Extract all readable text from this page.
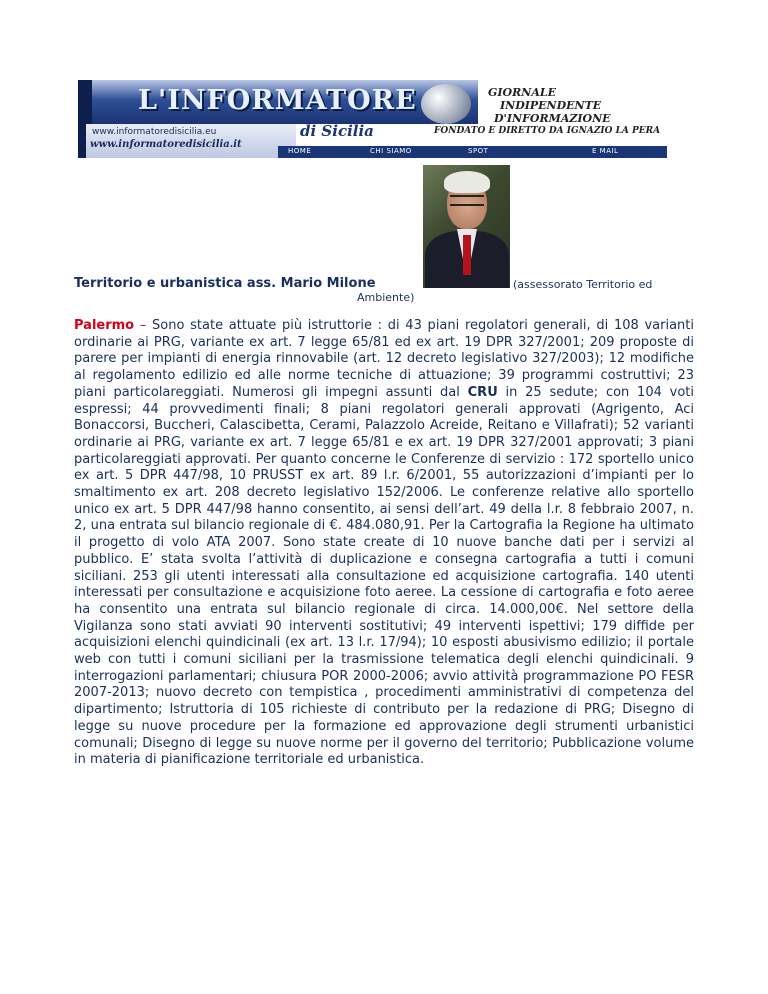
L'INFORMATORE	GIORNALE
INDIPENDENTE
D'INFORMAZIONE
www.informatoredisicilia.eu
www.informatoredisicilia.it
di Sicilia	FONDATO E DIRETTO DA IGNAZIO LA PERA
HOME	CHI SIAMO	SPOT	E MAIL
Territorio e urbanistica ass. Mario Milone	(assessorato Territorio ed
Ambiente)
Palermo – Sono state attuate più istruttorie : di 43 piani regolatori generali, di 108 varianti ordinarie ai PRG, variante ex art. 7 legge 65/81 ed ex art. 19 DPR 327/2001; 209 proposte di parere per impianti di energia rinnovabile (art. 12 decreto legislativo 327/2003); 12 modifiche al regolamento edilizio ed alle norme tecniche di attuazione; 39 programmi costruttivi; 23 piani particolareggiati. Numerosi gli impegni assunti dal CRU in 25 sedute; con 104 voti espressi; 44 provvedimenti finali; 8 piani regolatori generali approvati (Agrigento, Aci Bonaccorsi, Buccheri, Calascibetta, Cerami, Palazzolo Acreide, Reitano e Villafrati); 52 varianti ordinarie ai PRG, variante ex art. 7 legge 65/81 e ex art. 19 DPR 327/2001 approvati; 3 piani particolareggiati approvati. Per quanto concerne le Conferenze di servizio : 172 sportello unico ex art. 5 DPR 447/98, 10 PRUSST ex art. 89 l.r. 6/2001, 55 autorizzazioni d’impianti per lo smaltimento ex art. 208 decreto legislativo 152/2006. Le conferenze relative allo sportello unico ex art. 5 DPR 447/98 hanno consentito, ai sensi dell’art. 49 della l.r. 8 febbraio 2007, n. 2, una entrata sul bilancio regionale di €. 484.080,91. Per la Cartografia la Regione ha ultimato il progetto di volo ATA 2007. Sono state create di 10 nuove banche dati per i servizi al pubblico. E’ stata svolta l’attività di duplicazione e consegna cartografia a tutti i comuni siciliani. 253 gli utenti interessati alla consultazione ed acquisizione cartografia. 140 utenti interessati per consultazione e acquisizione foto aeree. La cessione di cartografia e foto aeree ha consentito una entrata sul bilancio regionale di circa. 14.000,00€. Nel settore della Vigilanza sono stati avviati 90 interventi sostitutivi; 49 interventi ispettivi; 179 diffide per acquisizioni elenchi quindicinali (ex art. 13 l.r. 17/94); 10 esposti abusivismo edilizio; il portale web con tutti i comuni siciliani per la trasmissione telematica degli elenchi quindicinali. 9 interrogazioni parlamentari; chiusura POR 2000-2006; avvio attività programmazione PO FESR 2007-2013; nuovo decreto con tempistica , procedimenti amministrativi di competenza del dipartimento; Istruttoria di 105 richieste di contributo per la redazione di PRG; Disegno di legge su nuove procedure per la formazione ed approvazione degli strumenti urbanistici comunali; Disegno di legge su nuove norme per il governo del territorio; Pubblicazione volume in materia di pianificazione territoriale ed urbanistica.
